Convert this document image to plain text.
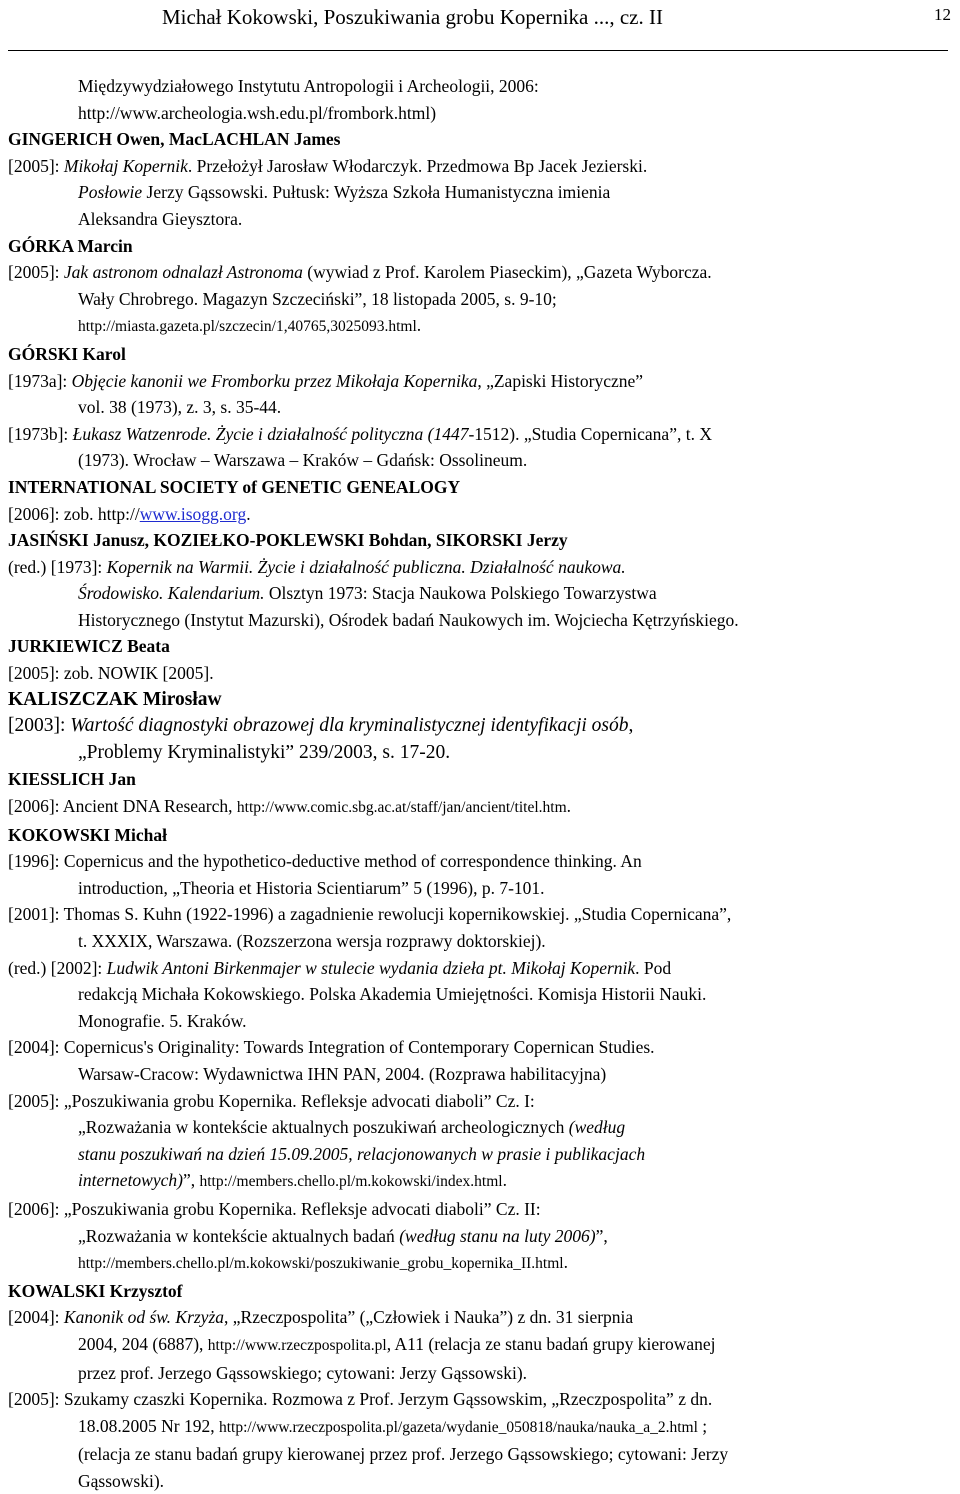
Michał Kokowski, Poszukiwania grobu Kopernika ..., cz. II	12

Międzywydziałowego Instytutu Antropologii i Archeologii, 2006:

http://www.archeologia.wsh.edu.pl/frombork.html)

GINGERICH Owen, MacLACHLAN James

[2005]: Mikołaj Kopernik. Przełożył Jarosław Włodarczyk. Przedmowa Bp Jacek Jezierski.

Posłowie Jerzy Gąssowski. Pułtusk: Wyższa Szkoła Humanistyczna imienia

Aleksandra Gieysztora.

GÓRKA Marcin

[2005]: Jak astronom odnalazł Astronoma (wywiad z Prof. Karolem Piaseckim), „Gazeta Wyborcza.

Wały Chrobrego. Magazyn Szczeciński”, 18 listopada 2005, s. 9-10;

http://miasta.gazeta.pl/szczecin/1,40765,3025093.html.

GÓRSKI Karol

[1973a]: Objęcie kanonii we Fromborku przez Mikołaja Kopernika, „Zapiski Historyczne”

vol. 38 (1973), z. 3, s. 35-44.

[1973b]: Łukasz Watzenrode. Życie i działalność polityczna (1447-1512). „Studia Copernicana”, t. X

(1973). Wrocław – Warszawa – Kraków – Gdańsk: Ossolineum.

INTERNATIONAL SOCIETY of GENETIC GENEALOGY

[2006]: zob. http://www.isogg.org.

JASIŃSKI Janusz, KOZIEŁKO-POKLEWSKI Bohdan, SIKORSKI Jerzy

(red.) [1973]: Kopernik na Warmii. Życie i działalność publiczna. Działalność naukowa.

Środowisko. Kalendarium. Olsztyn 1973: Stacja Naukowa Polskiego Towarzystwa

Historycznego (Instytut Mazurski), Ośrodek badań Naukowych im. Wojciecha Kętrzyńskiego.

JURKIEWICZ Beata

[2005]: zob. NOWIK [2005].

KALISZCZAK Mirosław

[2003]: Wartość diagnostyki obrazowej dla kryminalistycznej identyfikacji osób,

„Problemy Kryminalistyki” 239/2003, s. 17-20.

KIESSLICH Jan

[2006]: Ancient DNA Research, http://www.comic.sbg.ac.at/staff/jan/ancient/titel.htm.

KOKOWSKI Michał

[1996]: Copernicus and the hypothetico-deductive method of correspondence thinking. An

introduction, „Theoria et Historia Scientiarum” 5 (1996), p. 7-101.

[2001]: Thomas S. Kuhn (1922-1996) a zagadnienie rewolucji kopernikowskiej. „Studia Copernicana”,

t. XXXIX, Warszawa. (Rozszerzona wersja rozprawy doktorskiej).

(red.) [2002]: Ludwik Antoni Birkenmajer w stulecie wydania dzieła pt. Mikołaj Kopernik. Pod

redakcją Michała Kokowskiego. Polska Akademia Umiejętności. Komisja Historii Nauki.

Monografie. 5. Kraków.

[2004]: Copernicus's Originality: Towards Integration of Contemporary Copernican Studies.

Warsaw-Cracow: Wydawnictwa IHN PAN, 2004. (Rozprawa habilitacyjna)

[2005]: „Poszukiwania grobu Kopernika. Refleksje advocati diaboli” Cz. I:

„Rozważania w kontekście aktualnych poszukiwań archeologicznych (według

stanu poszukiwań na dzień 15.09.2005, relacjonowanych w prasie i publikacjach

internetowych)”, http://members.chello.pl/m.kokowski/index.html.

[2006]: „Poszukiwania grobu Kopernika. Refleksje advocati diaboli” Cz. II:

„Rozważania w kontekście aktualnych badań (według stanu na luty 2006)”,

http://members.chello.pl/m.kokowski/poszukiwanie_grobu_kopernika_II.html.

KOWALSKI Krzysztof

[2004]: Kanonik od św. Krzyża, „Rzeczpospolita” („Człowiek i Nauka”) z dn. 31 sierpnia

2004, 204 (6887), http://www.rzeczpospolita.pl, A11 (relacja ze stanu badań grupy kierowanej

przez prof. Jerzego Gąssowskiego; cytowani: Jerzy Gąssowski).

[2005]: Szukamy czaszki Kopernika. Rozmowa z Prof. Jerzym Gąssowskim, „Rzeczpospolita” z dn.

18.08.2005 Nr 192, http://www.rzeczpospolita.pl/gazeta/wydanie_050818/nauka/nauka_a_2.html ;

(relacja ze stanu badań grupy kierowanej przez prof. Jerzego Gąssowskiego; cytowani: Jerzy

Gąssowski).
